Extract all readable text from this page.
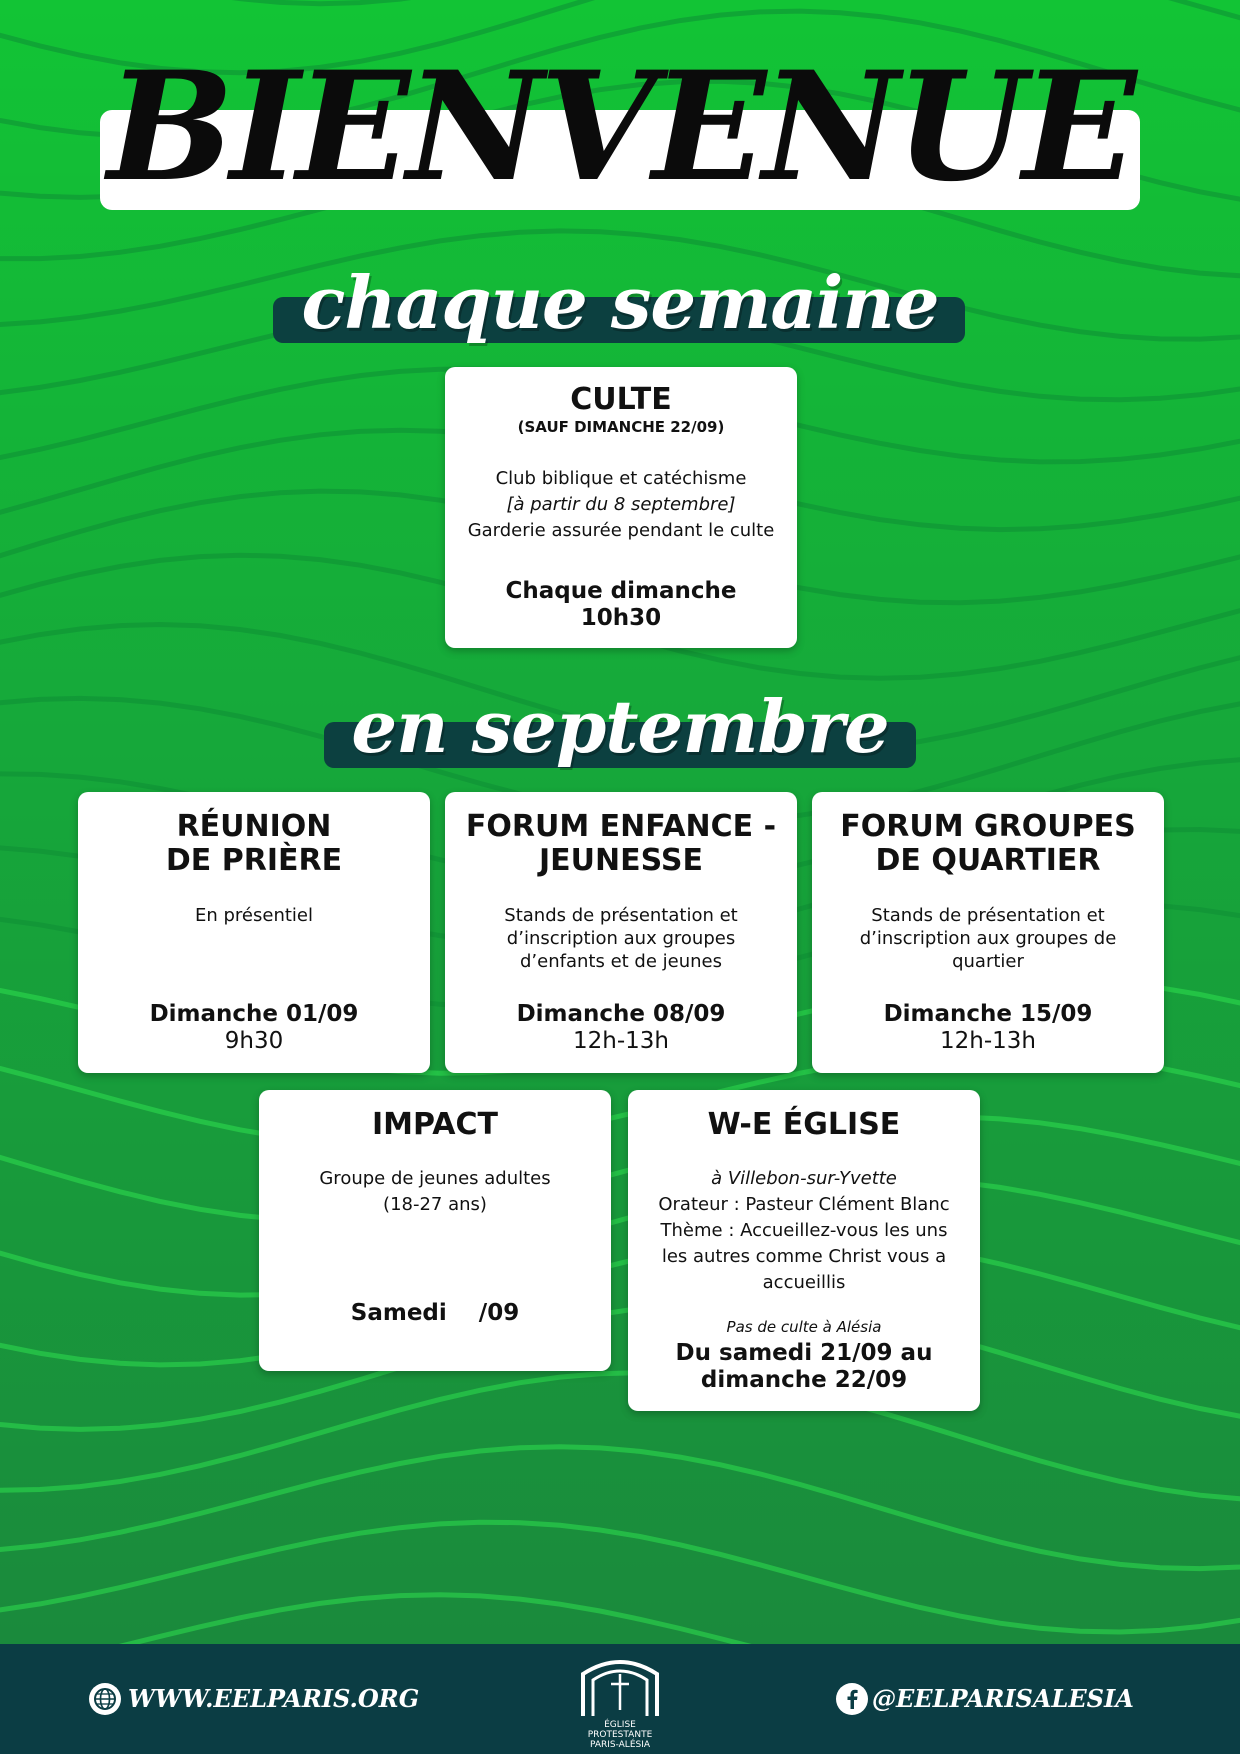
BIENVENUE
chaque semaine
CULTE
(SAUF DIMANCHE 22/09)
Club biblique et catéchisme
[à partir du 8 septembre]
Garderie assurée pendant le culte
Chaque dimanche
10h30
en septembre
RÉUNION
DE PRIÈRE
En présentiel
Dimanche 01/09
9h30
FORUM ENFANCE -
JEUNESSE
Stands de présentation et
d’inscription aux groupes
d’enfants et de jeunes
Dimanche 08/09
12h-13h
FORUM GROUPES
DE QUARTIER
Stands de présentation et
d’inscription aux groupes de
quartier
Dimanche 15/09
12h-13h
IMPACT
Groupe de jeunes adultes
(18-27 ans)
Samedi    /09
W-E ÉGLISE
à Villebon-sur-Yvette
Orateur : Pasteur Clément Blanc
Thème : Accueillez-vous les uns
les autres comme Christ vous a
accueillis
Pas de culte à Alésia
Du samedi 21/09 au
dimanche 22/09
WWW.EELPARIS.ORG
ÉGLISE
PROTESTANTE
PARIS-ALÉSIA
@EELPARISALESIA
